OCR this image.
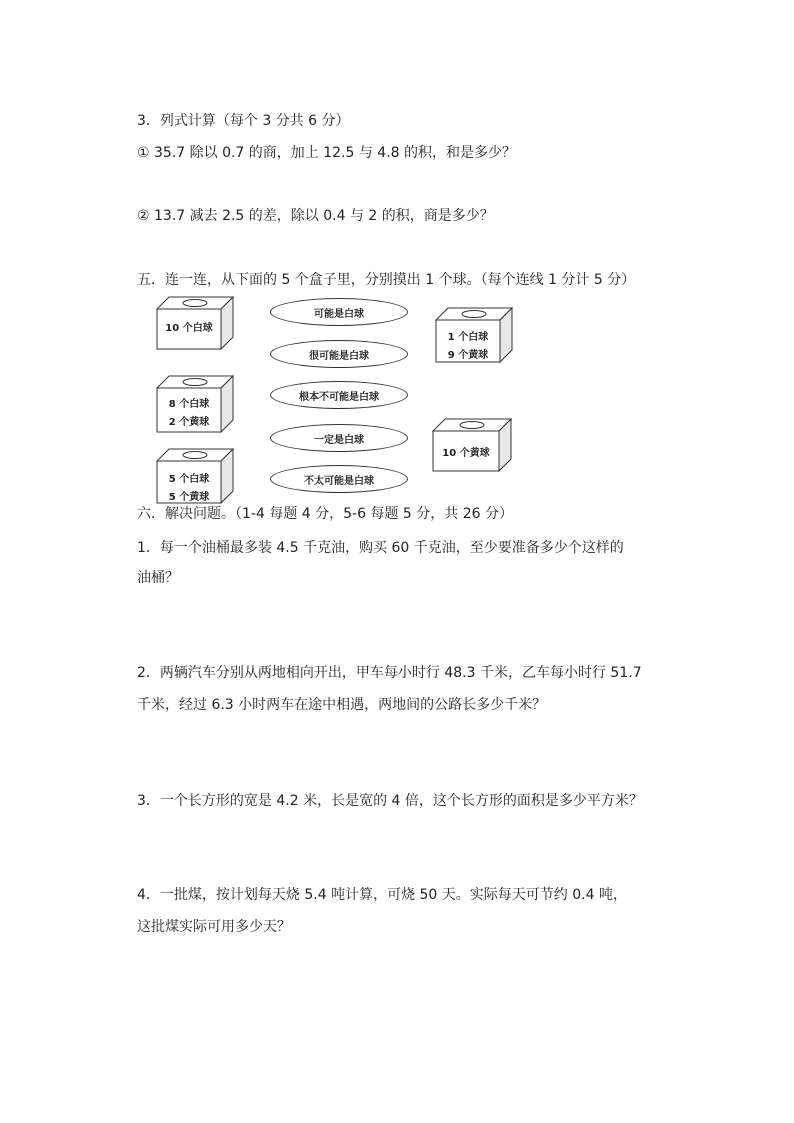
3．列式计算（每个 3 分共 6 分）
① 35.7 除以 0.7 的商，加上 12.5 与 4.8 的积，和是多少？
② 13.7 减去 2.5 的差，除以 0.4 与 2 的积，商是多少？
五．连一连，从下面的 5 个盒子里，分别摸出 1 个球。（每个连线 1 分计 5 分）
10 个白球
8 个白球
2 个黄球
5 个白球
5 个黄球
1 个白球
9 个黄球
10 个黄球
可能是白球
很可能是白球
根本不可能是白球
一定是白球
不太可能是白球
六．解决问题。（1-4 每题 4 分，5-6 每题 5 分，共 26 分）
1．每一个油桶最多装 4.5 千克油，购买 60 千克油，至少要准备多少个这样的
油桶？
2．两辆汽车分别从两地相向开出，甲车每小时行 48.3 千米，乙车每小时行 51.7
千米，经过 6.3 小时两车在途中相遇，两地间的公路长多少千米？
3．一个长方形的宽是 4.2 米，长是宽的 4 倍，这个长方形的面积是多少平方米？
4．一批煤，按计划每天烧 5.4 吨计算，可烧 50 天。实际每天可节约 0.4 吨，
这批煤实际可用多少天？
